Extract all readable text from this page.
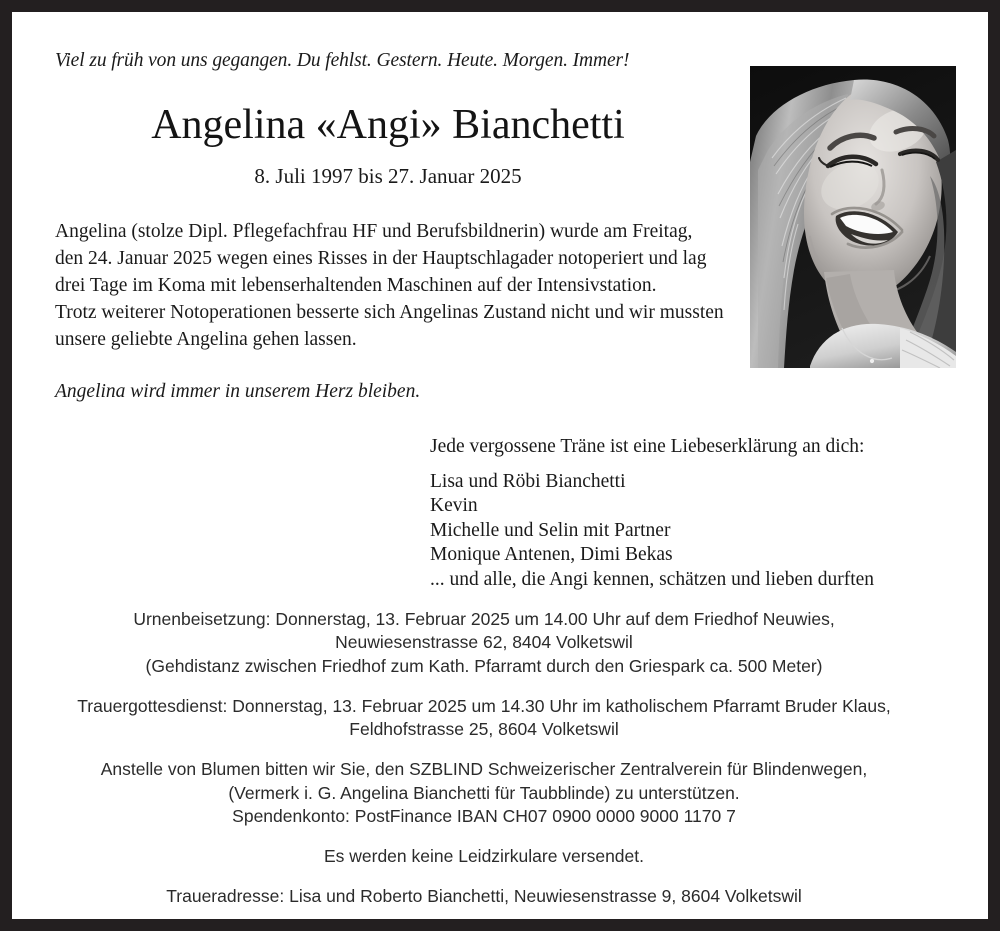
Viel zu früh von uns gegangen. Du fehlst. Gestern. Heute. Morgen. Immer!
Angelina «Angi» Bianchetti
8. Juli 1997 bis 27. Januar 2025

Angelina (stolze Dipl. Pflegefachfrau HF und Berufsbildnerin) wurde am Freitag, den 24. Januar 2025 wegen eines Risses in der Hauptschlagader notoperiert und lag drei Tage im Koma mit lebenserhaltenden Maschinen auf der Intensivstation.

Trotz weiterer Notoperationen besserte sich Angelinas Zustand nicht und wir mussten unsere geliebte Angelina gehen lassen.

Angelina wird immer in unserem Herz bleiben.
Jede vergossene Träne ist eine Liebeserklärung an dich:
Lisa und Röbi Bianchetti
Kevin
Michelle und Selin mit Partner
Monique Antenen, Dimi Bekas
... und alle, die Angi kennen, schätzen und lieben durften
Urnenbeisetzung: Donnerstag, 13. Februar 2025 um 14.00 Uhr auf dem Friedhof Neuwies,
Neuwiesenstrasse 62, 8404 Volketswil
(Gehdistanz zwischen Friedhof zum Kath. Pfarramt durch den Griespark ca. 500 Meter)
Trauergottesdienst: Donnerstag, 13. Februar 2025 um 14.30 Uhr im katholischem Pfarramt Bruder Klaus,
Feldhofstrasse 25, 8604 Volketswil
Anstelle von Blumen bitten wir Sie, den SZBLIND Schweizerischer Zentralverein für Blindenwegen,
(Vermerk i. G. Angelina Bianchetti für Taubblinde) zu unterstützen.
Spendenkonto: PostFinance IBAN CH07 0900 0000 9000 1170 7
Es werden keine Leidzirkulare versendet.
Traueradresse: Lisa und Roberto Bianchetti, Neuwiesenstrasse 9, 8604 Volketswil
